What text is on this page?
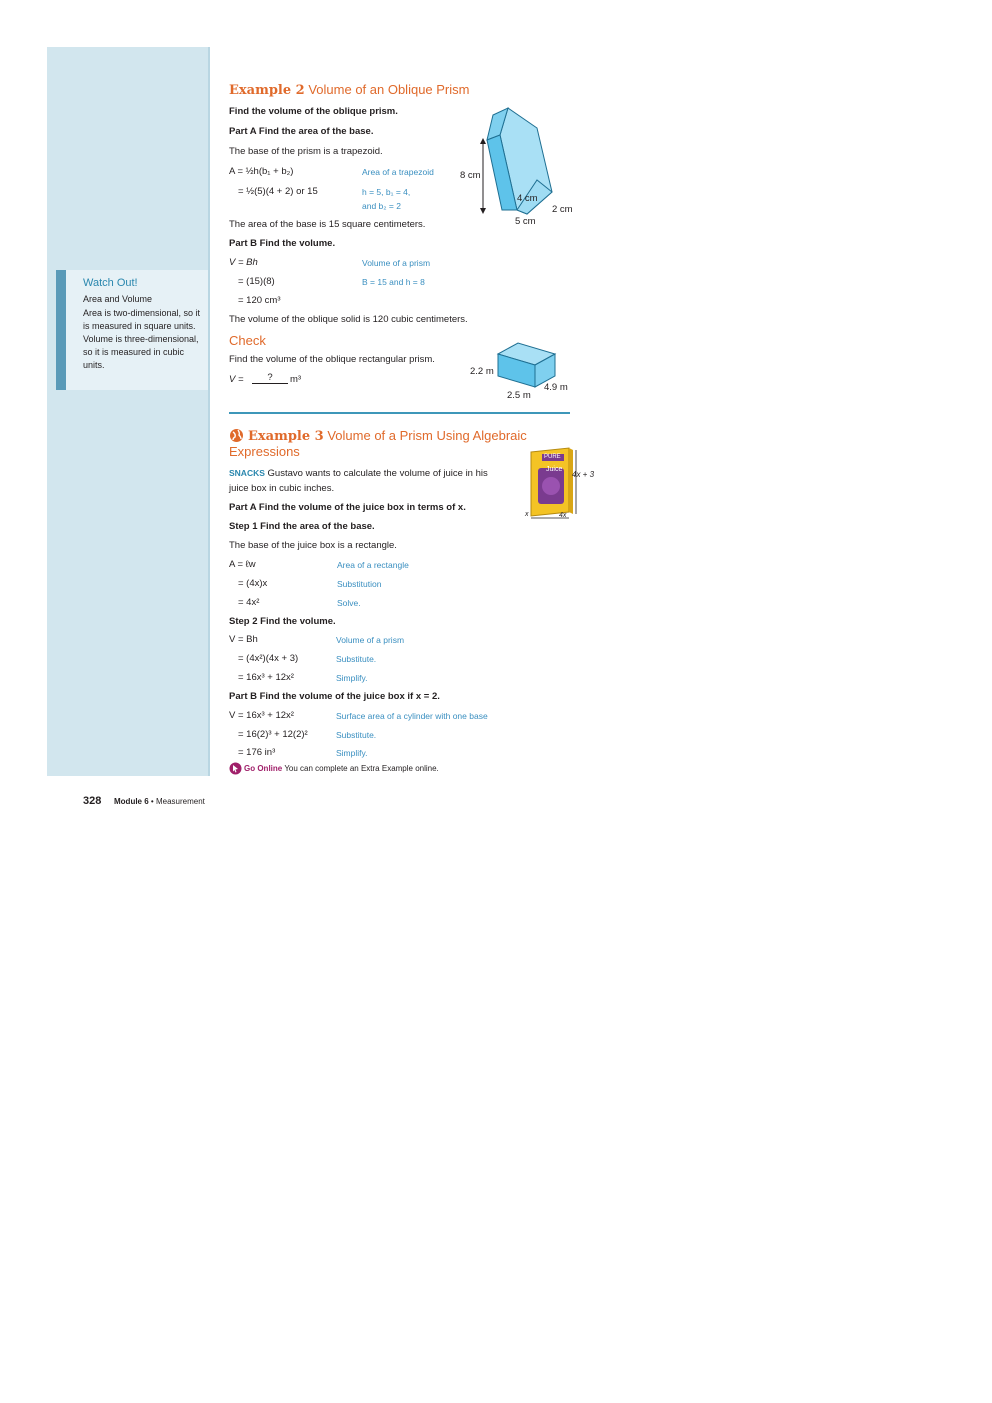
Watch Out!
Area and Volume
Area is two-dimensional, so it is measured in square units. Volume is three-dimensional, so it is measured in cubic units.
Example 2 Volume of an Oblique Prism
Find the volume of the oblique prism.
Part A Find the area of the base.
The base of the prism is a trapezoid.
A = ½h(b₁ + b₂)	Area of a trapezoid
= ½(5)(4 + 2) or 15	h = 5, b₁ = 4,
and b₂ = 2
The area of the base is 15 square centimeters.
Part B Find the volume.
V = Bh	Volume of a prism
= (15)(8)	B = 15 and h = 8
= 120 cm³
The volume of the oblique solid is 120 cubic centimeters.
8 cm
4 cm
2 cm
5 cm
Check
Find the volume of the oblique rectangular prism.
V =	?	m³
2.2 m
2.5 m
4.9 m
Example 3 Volume of a Prism Using Algebraic
Expressions
SNACKS Gustavo wants to calculate the volume of juice in his
juice box in cubic inches.
Part A Find the volume of the juice box in terms of x.
Step 1 Find the area of the base.
The base of the juice box is a rectangle.
A = ℓw	Area of a rectangle
= (4x)x	Substitution
= 4x²	Solve.
Step 2 Find the volume.
V = Bh	Volume of a prism
= (4x²)(4x + 3)	Substitute.
= 16x³ + 12x²	Simplify.
Part B Find the volume of the juice box if x = 2.
V = 16x³ + 12x²	Surface area of a cylinder with one base
= 16(2)³ + 12(2)²	Substitute.
= 176 in³	Simplify.
Go Online You can complete an Extra Example online.
PURE
Juice
4x + 3
4x
x
328 Module 6 • Measurement
